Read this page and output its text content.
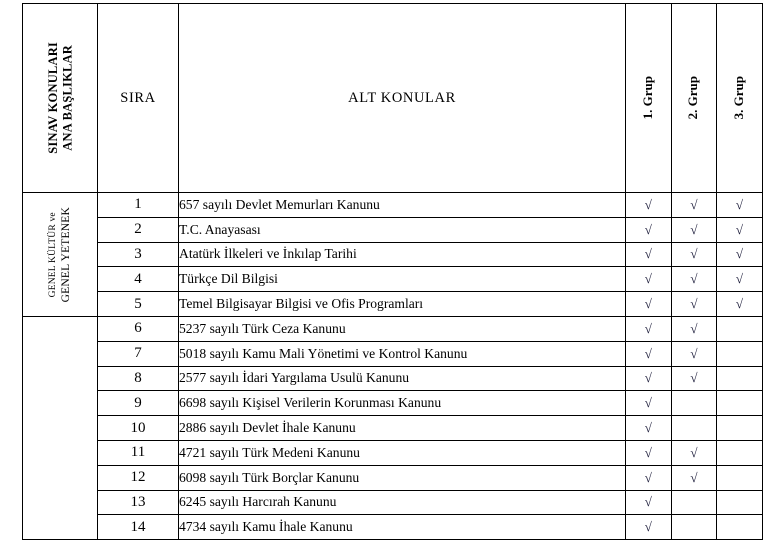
SINAV KONULARI ANA BAŞLIKLAR	SIRA	ALT KONULAR	1. Grup	2. Grup	3. Grup

GENEL KÜLTÜR ve GENEL YETENEK	1	657 sayılı Devlet Memurları Kanunu	√	√	√
	2	T.C. Anayasası	√	√	√
	3	Atatürk İlkeleri ve İnkılap Tarihi	√	√	√
	4	Türkçe Dil Bilgisi	√	√	√
	5	Temel Bilgisayar Bilgisi ve Ofis Programları	√	√	√
	6	5237 sayılı Türk Ceza Kanunu	√	√	
	7	5018 sayılı Kamu Mali Yönetimi ve Kontrol Kanunu	√	√	
	8	2577 sayılı İdari Yargılama Usulü Kanunu	√	√	
	9	6698 sayılı Kişisel Verilerin Korunması Kanunu	√		
	10	2886 sayılı Devlet İhale Kanunu	√		
	11	4721 sayılı Türk Medeni Kanunu	√	√	
	12	6098 sayılı Türk Borçlar Kanunu	√	√	
	13	6245 sayılı Harcırah Kanunu	√		
	14	4734 sayılı Kamu İhale Kanunu	√		
